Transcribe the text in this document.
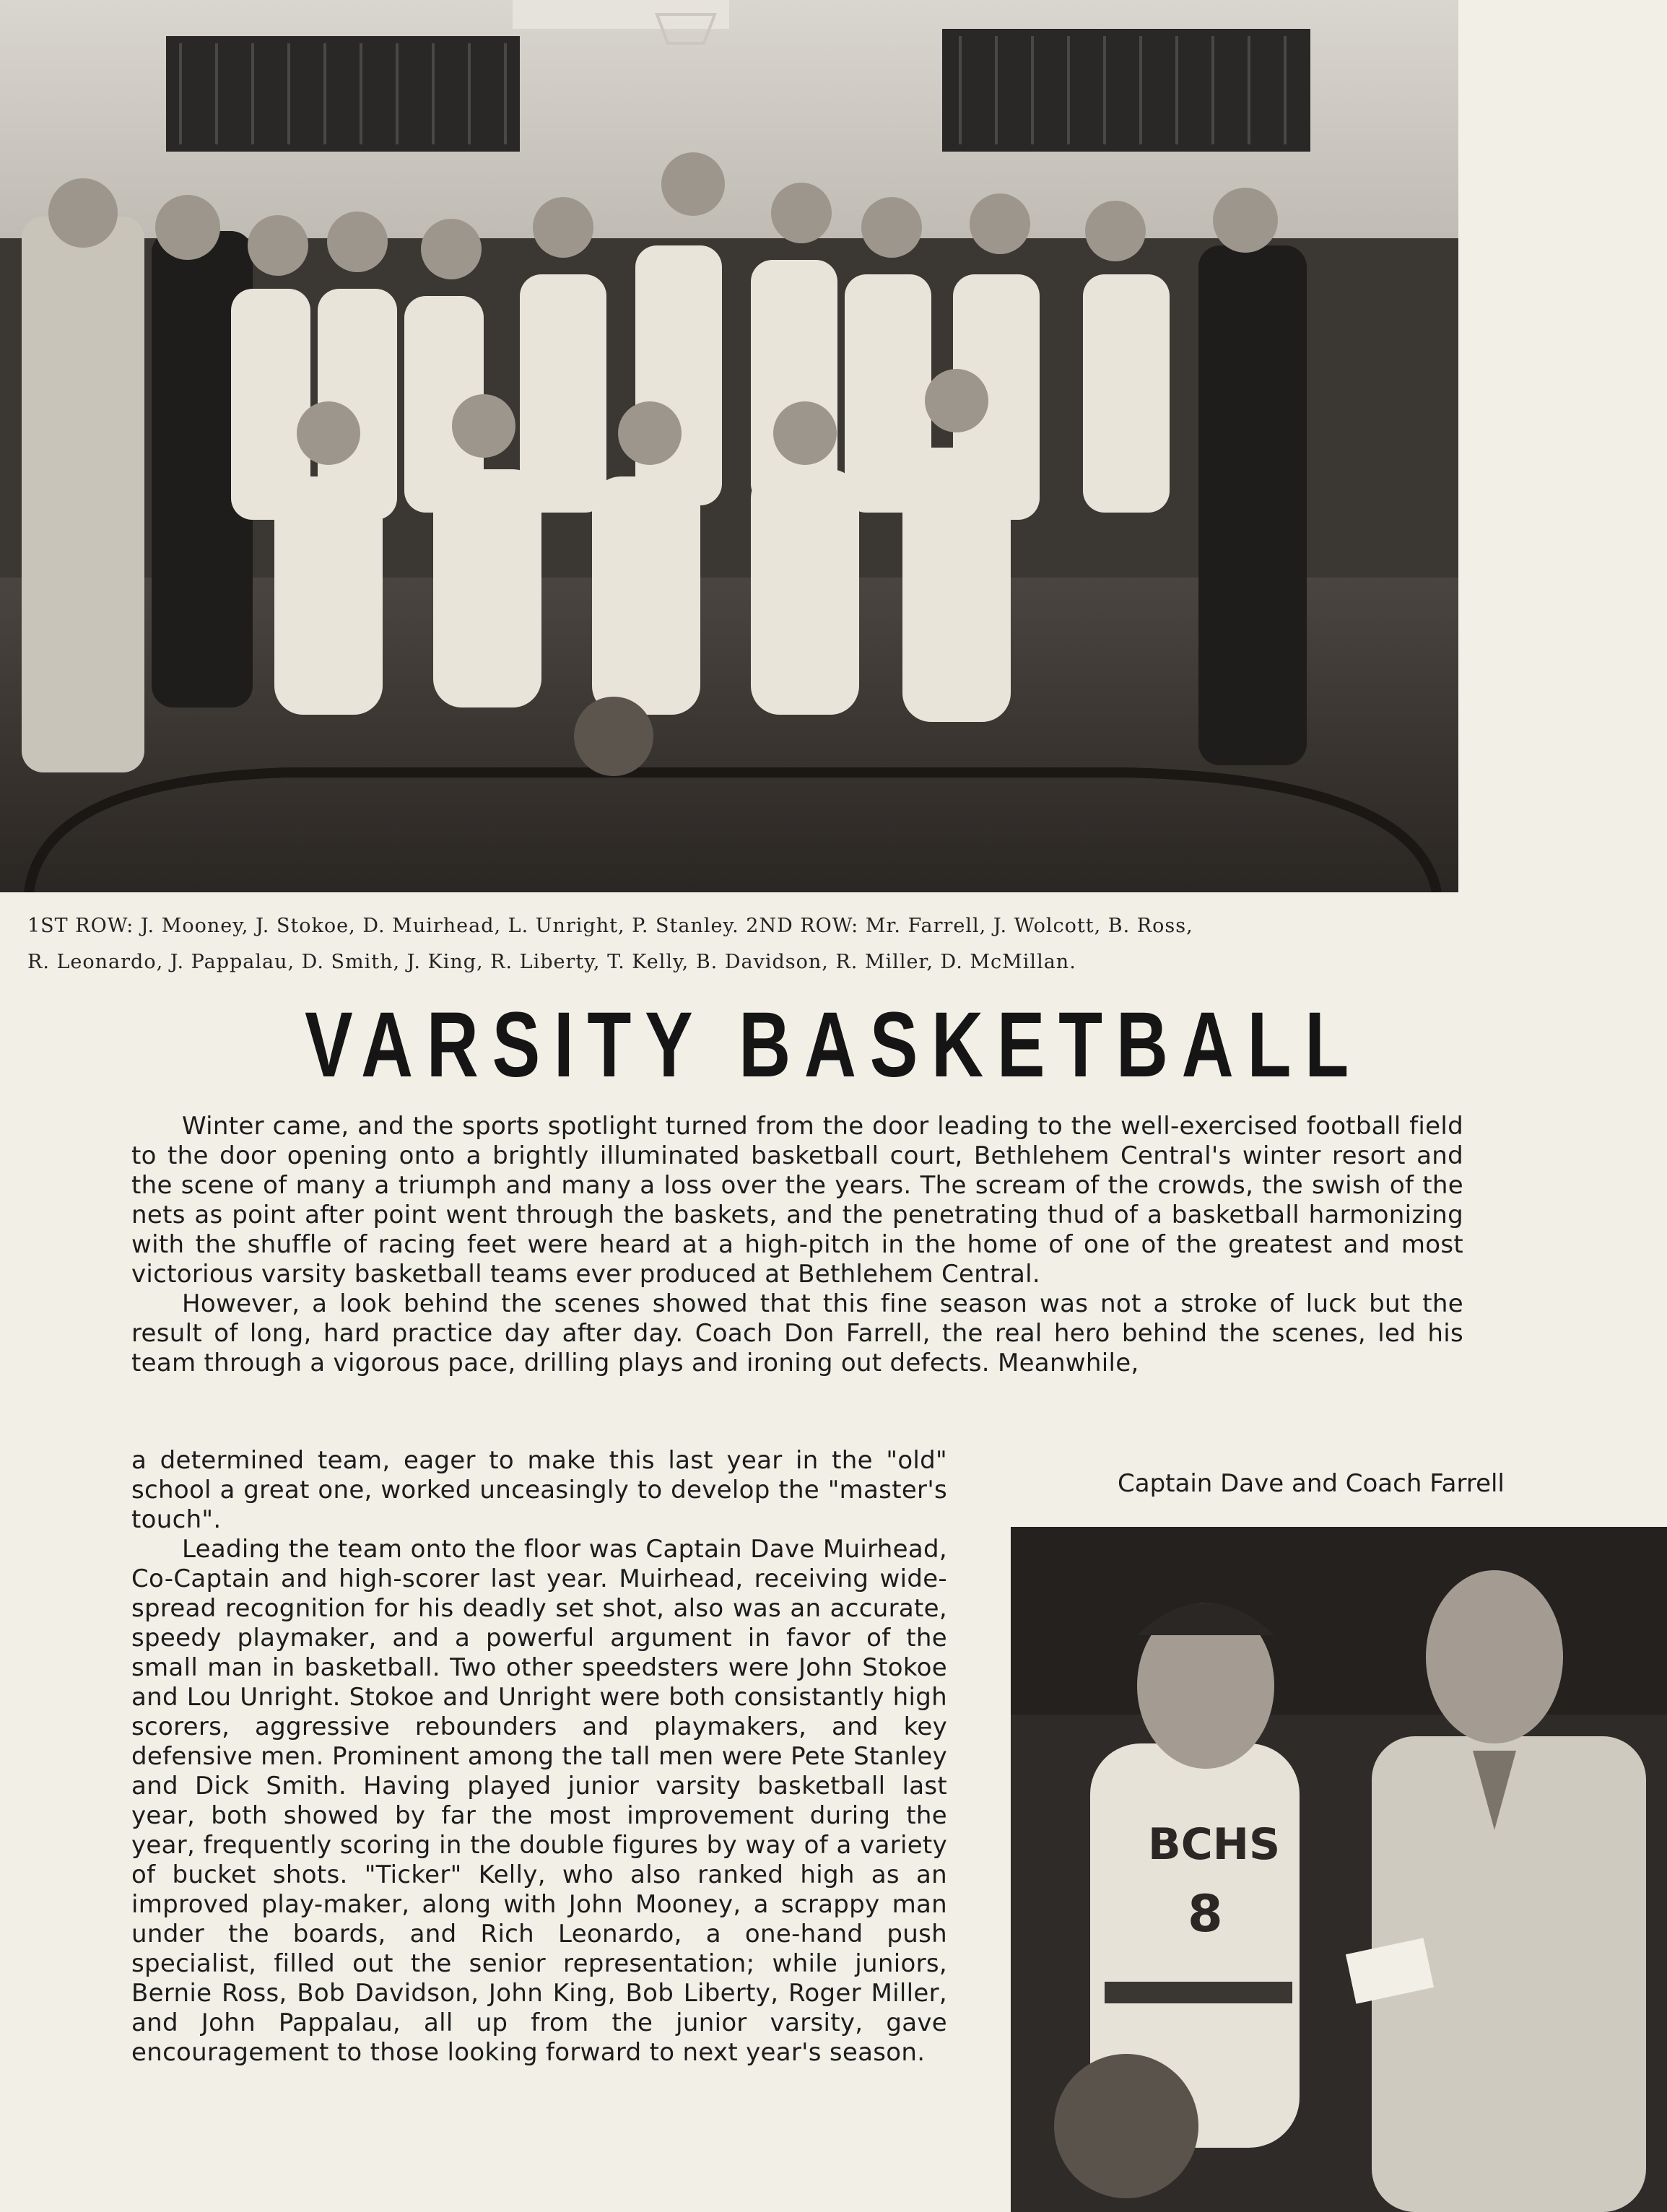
1ST ROW: J. Mooney, J. Stokoe, D. Muirhead, L. Unright, P. Stanley. 2ND ROW: Mr. Farrell, J. Wolcott, B. Ross,

R. Leonardo, J. Pappalau, D. Smith, J. King, R. Liberty, T. Kelly, B. Davidson, R. Miller, D. McMillan.

VARSITY BASKETBALL

Winter came, and the sports spotlight turned from the door leading to the well-exercised football field to the door opening onto a brightly illuminated basketball court, Bethlehem Central's winter resort and the scene of many a triumph and many a loss over the years. The scream of the crowds, the swish of the nets as point after point went through the baskets, and the penetrating thud of a basketball harmonizing with the shuffle of racing feet were heard at a high-pitch in the home of one of the greatest and most victorious varsity basketball teams ever produced at Bethlehem Central.

However, a look behind the scenes showed that this fine season was not a stroke of luck but the result of long, hard practice day after day. Coach Don Farrell, the real hero behind the scenes, led his team through a vigorous pace, drilling plays and ironing out defects. Meanwhile,

a determined team, eager to make this last year in the "old" school a great one, worked unceasingly to develop the "master's touch".

Leading the team onto the floor was Captain Dave Muirhead, Co-Captain and high-scorer last year. Muirhead, receiving wide-spread recognition for his deadly set shot, also was an accurate, speedy playmaker, and a powerful argument in favor of the small man in basketball. Two other speedsters were John Stokoe and Lou Unright. Stokoe and Unright were both consistantly high scorers, aggressive rebounders and playmakers, and key defensive men. Prominent among the tall men were Pete Stanley and Dick Smith. Having played junior varsity basketball last year, both showed by far the most improvement during the year, frequently scoring in the double figures by way of a variety of bucket shots. "Ticker" Kelly, who also ranked high as an improved play-maker, along with John Mooney, a scrappy man under the boards, and Rich Leonardo, a one-hand push specialist, filled out the senior representation; while juniors, Bernie Ross, Bob Davidson, John King, Bob Liberty, Roger Miller, and John Pappalau, all up from the junior varsity, gave encouragement to those looking forward to next year's season.

Captain Dave and Coach Farrell
BCHS
8
